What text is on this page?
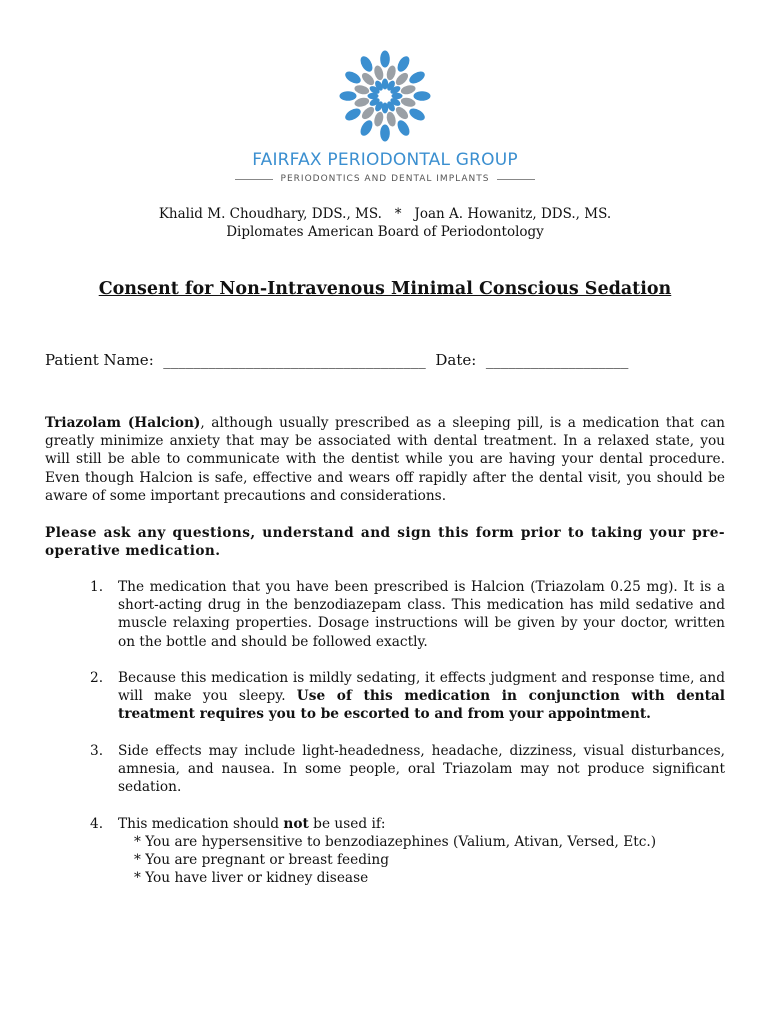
FAIRFAX PERIODONTAL GROUP
PERIODONTICS AND DENTAL IMPLANTS
Khalid M. Choudhary, DDS., MS.   *   Joan A. Howanitz, DDS., MS.
Diplomates American Board of Periodontology
Consent for Non-Intravenous Minimal Conscious Sedation
Patient Name: ___________________________________ Date: ___________________

Triazolam (Halcion), although usually prescribed as a sleeping pill, is a medication that can greatly minimize anxiety that may be associated with dental treatment. In a relaxed state, you will still be able to communicate with the dentist while you are having your dental procedure. Even though Halcion is safe, effective and wears off rapidly after the dental visit, you should be aware of some important precautions and considerations.

Please ask any questions, understand and sign this form prior to taking your pre-operative medication.

1.	The medication that you have been prescribed is Halcion (Triazolam 0.25 mg). It is a short-acting drug in the benzodiazepam class. This medication has mild sedative and muscle relaxing properties. Dosage instructions will be given by your doctor, written on the bottle and should be followed exactly.

2.	Because this medication is mildly sedating, it effects judgment and response time, and will make you sleepy. Use of this medication in conjunction with dental treatment requires you to be escorted to and from your appointment.

3.	Side effects may include light-headedness, headache, dizziness, visual disturbances, amnesia, and nausea. In some people, oral Triazolam may not produce significant sedation.

4.	This medication should not be used if:

* You are hypersensitive to benzodiazephines (Valium, Ativan, Versed, Etc.)
* You are pregnant or breast feeding
* You have liver or kidney disease
